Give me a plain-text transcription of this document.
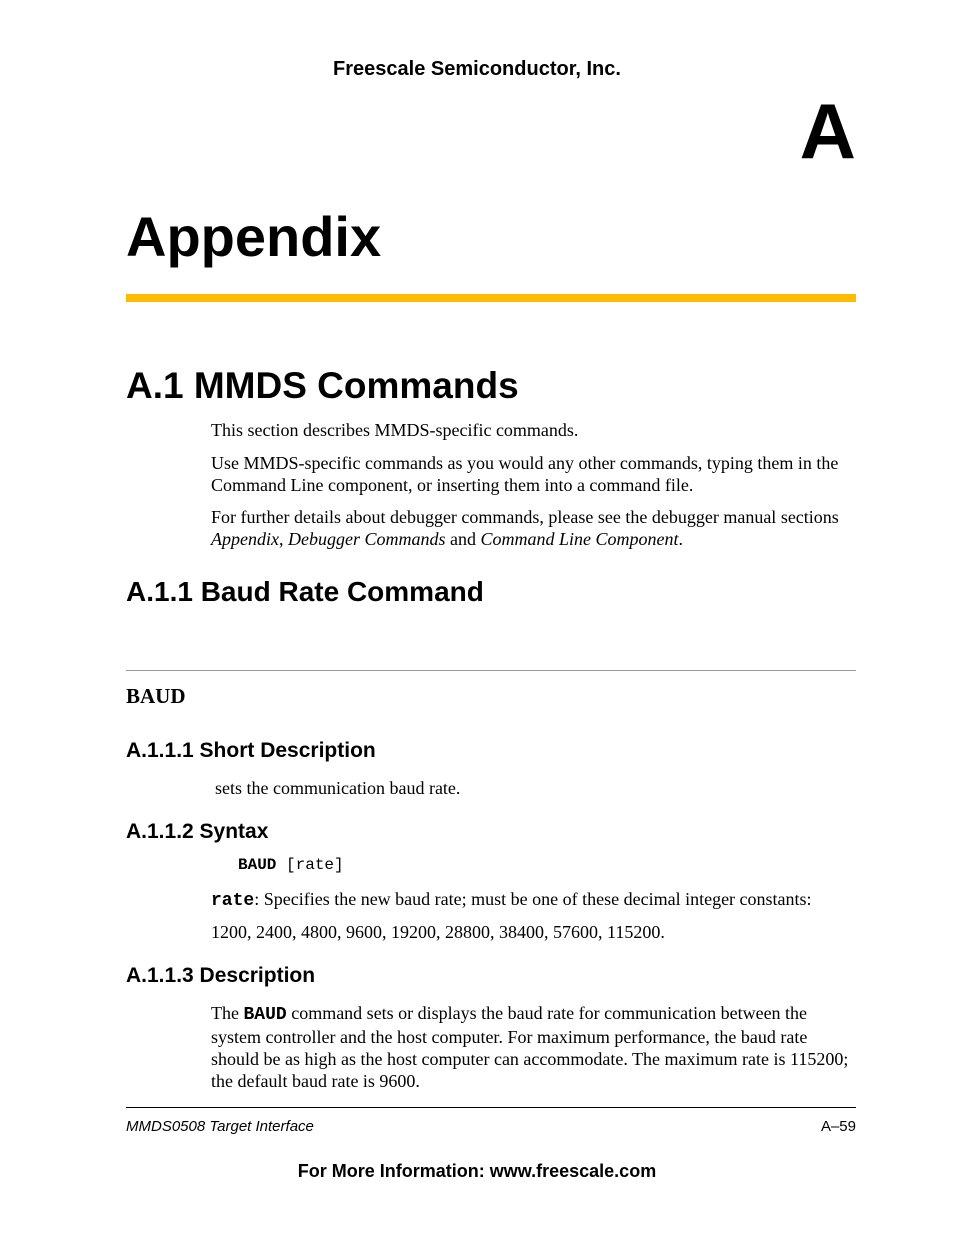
Freescale Semiconductor, Inc.
A
Appendix
A.1 MMDS Commands
This section describes MMDS-specific commands.
Use MMDS-specific commands as you would any other commands, typing them in the Command Line component, or inserting them into a command file.
For further details about debugger commands, please see the debugger manual sections Appendix, Debugger Commands and Command Line Component.
A.1.1 Baud Rate Command
BAUD
A.1.1.1 Short Description
sets the communication baud rate.
A.1.1.2 Syntax
BAUD [rate]
rate: Specifies the new baud rate; must be one of these decimal integer constants:
1200, 2400, 4800, 9600, 19200, 28800, 38400, 57600, 115200.
A.1.1.3 Description
The BAUD command sets or displays the baud rate for communication between the system controller and the host computer. For maximum performance, the baud rate should be as high as the host computer can accommodate. The maximum rate is 115200; the default baud rate is 9600.
MMDS0508 Target Interface	A–59
For More Information: www.freescale.com
